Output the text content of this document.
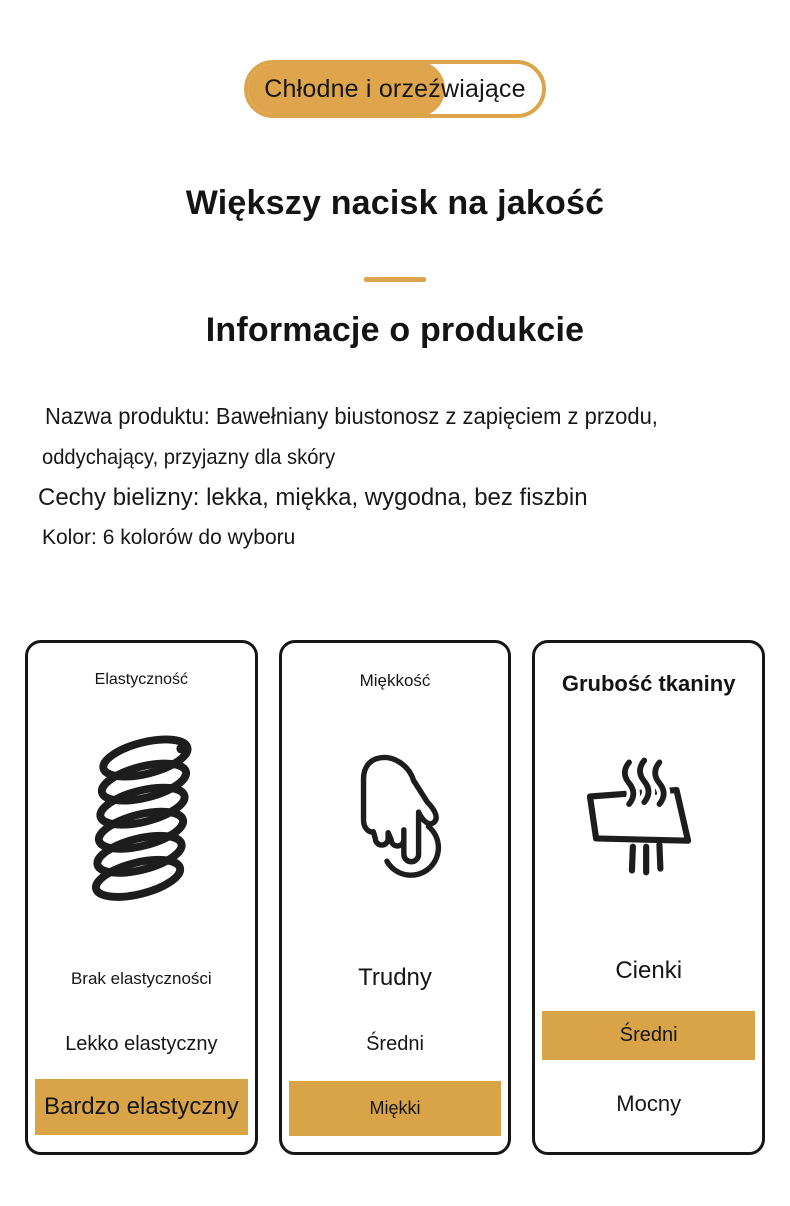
Chłodne i orzeźwiające
Większy nacisk na jakość
Informacje o produkcie

Nazwa produktu: Bawełniany biustonosz z zapięciem z przodu,

oddychający, przyjazny dla skóry

Cechy bielizny: lekka, miękka, wygodna, bez fiszbin

Kolor: 6 kolorów do wyboru

Elastyczność
Brak elastyczności
Lekko elastyczny
Bardzo elastyczny
Miękkość
Trudny
Średni
Miękki
Grubość tkaniny
Cienki
Średni
Mocny
